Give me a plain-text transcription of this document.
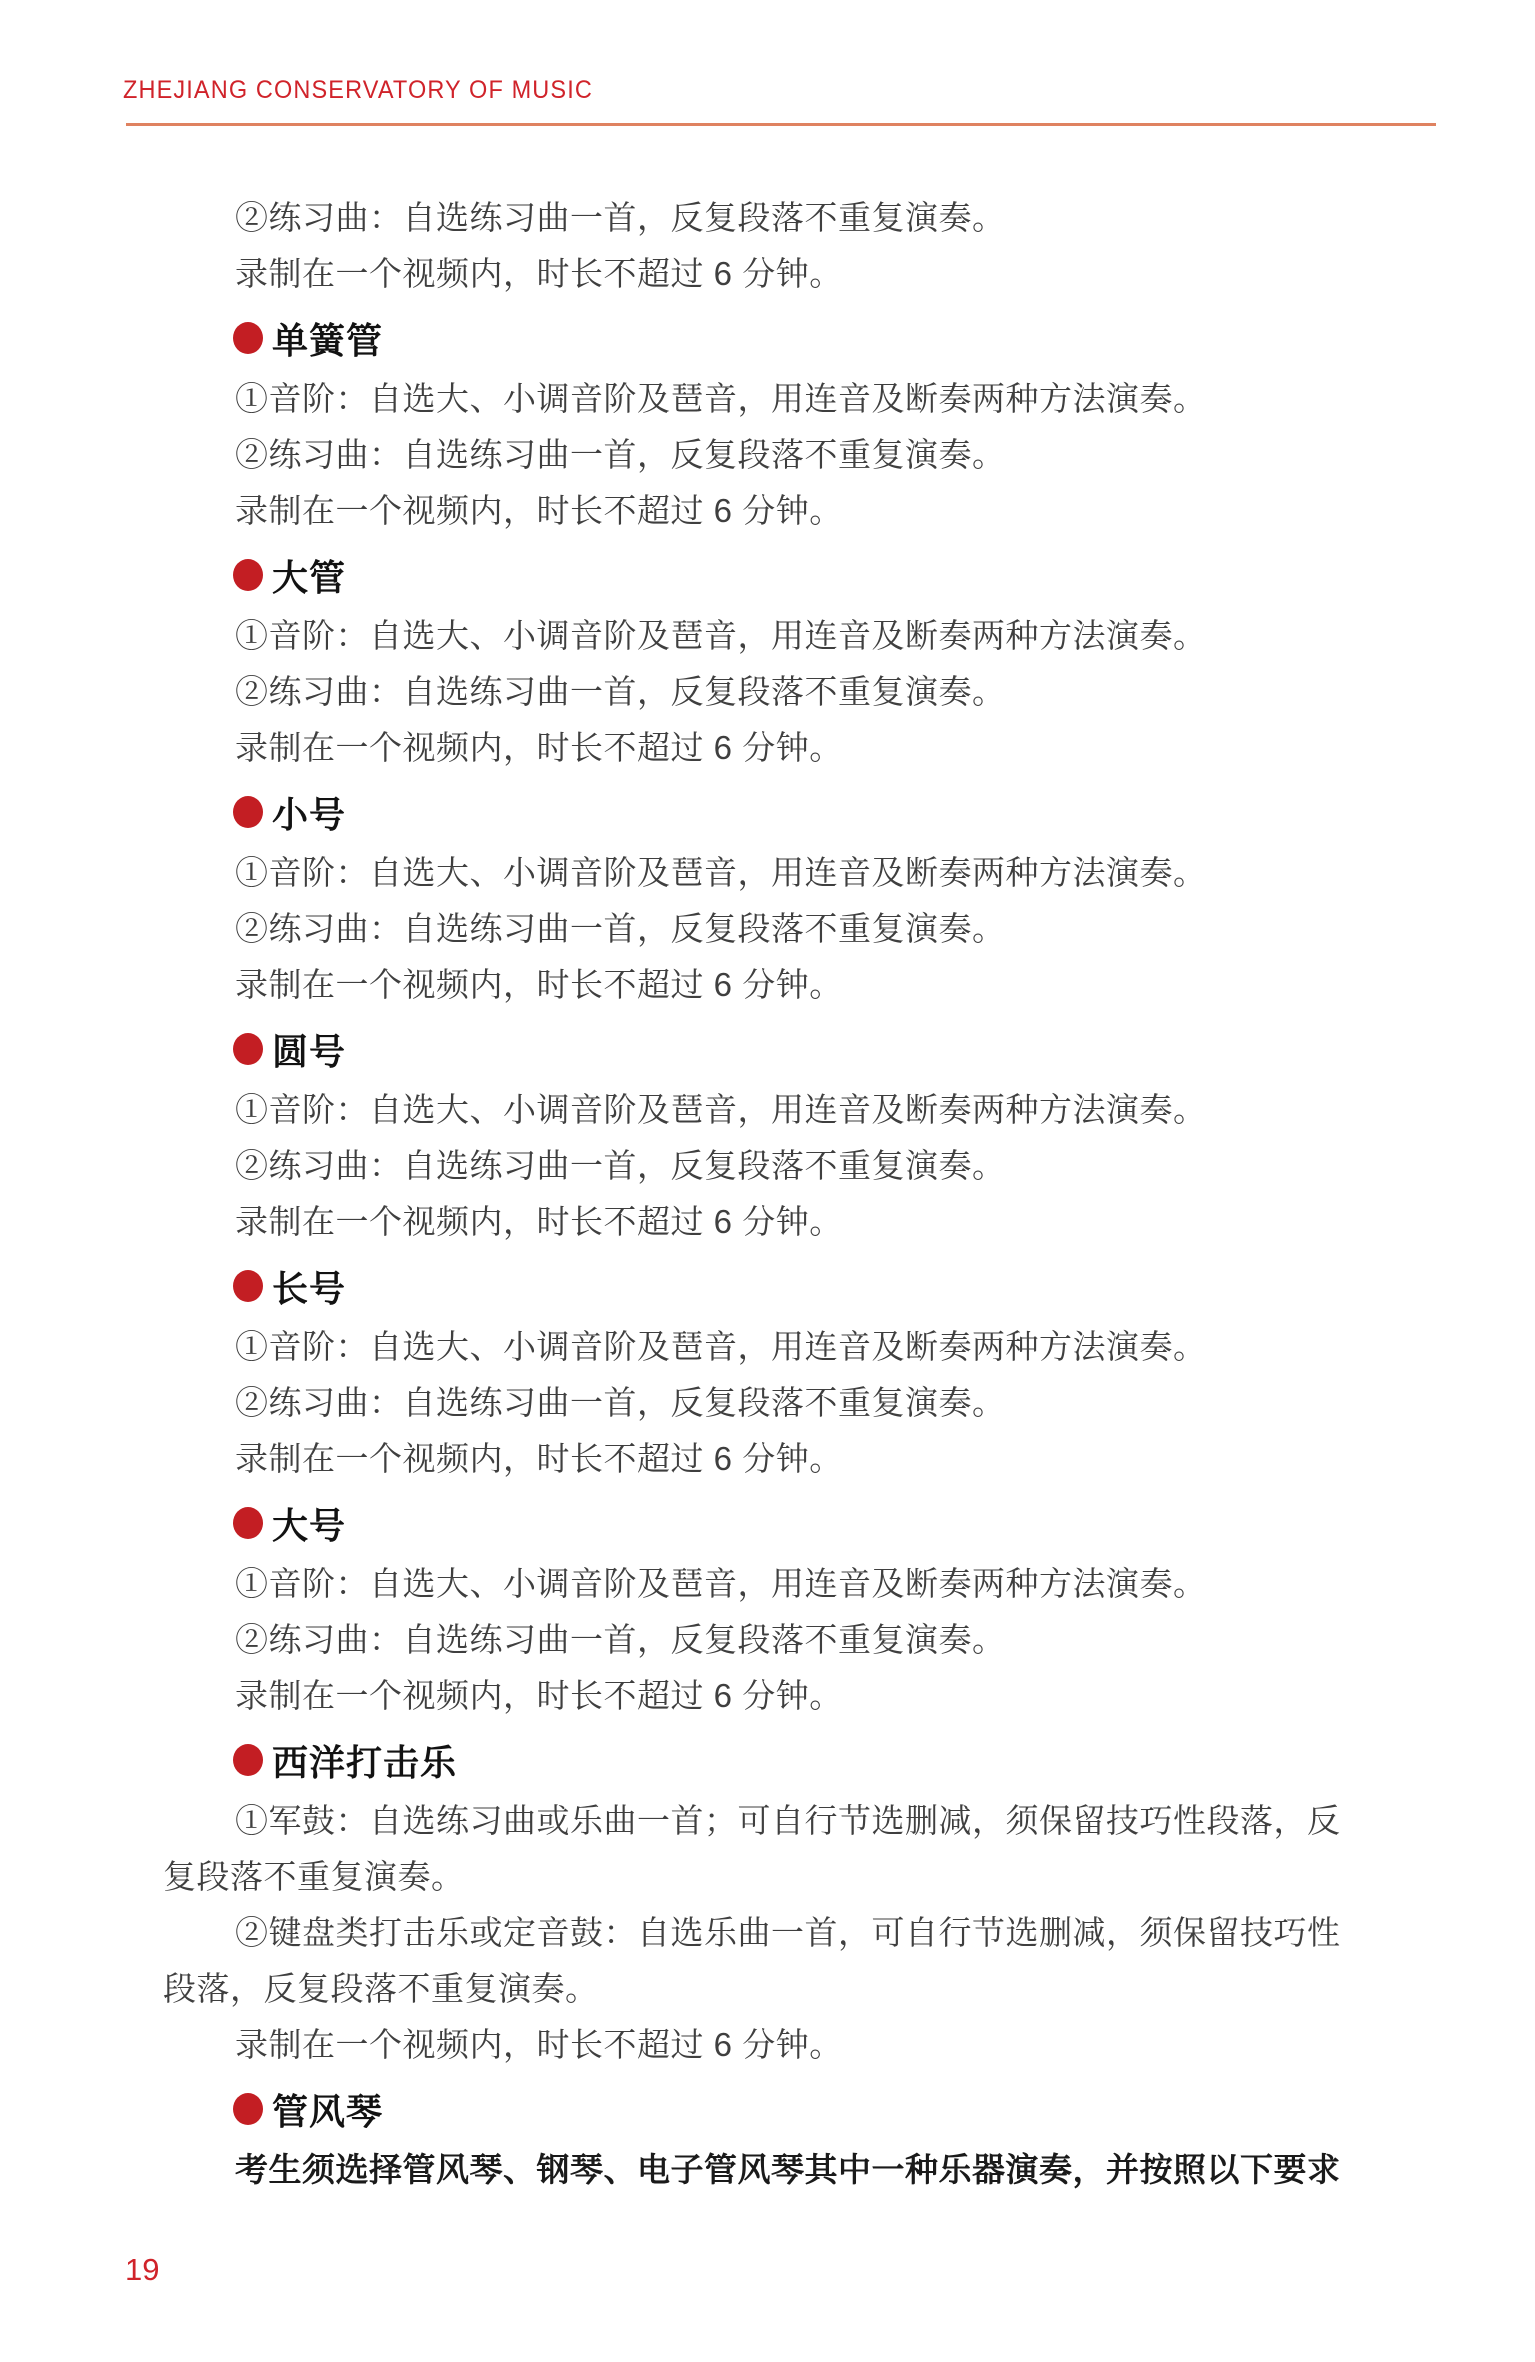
ZHEJIANG CONSERVATORY OF MUSIC

②练习曲：自选练习曲一首，反复段落不重复演奏。

录制在一个视频内，时长不超过 6 分钟。

单簧管

①音阶：自选大、小调音阶及琶音，用连音及断奏两种方法演奏。

②练习曲：自选练习曲一首，反复段落不重复演奏。

录制在一个视频内，时长不超过 6 分钟。

大管

①音阶：自选大、小调音阶及琶音，用连音及断奏两种方法演奏。

②练习曲：自选练习曲一首，反复段落不重复演奏。

录制在一个视频内，时长不超过 6 分钟。

小号

①音阶：自选大、小调音阶及琶音，用连音及断奏两种方法演奏。

②练习曲：自选练习曲一首，反复段落不重复演奏。

录制在一个视频内，时长不超过 6 分钟。

圆号

①音阶：自选大、小调音阶及琶音，用连音及断奏两种方法演奏。

②练习曲：自选练习曲一首，反复段落不重复演奏。

录制在一个视频内，时长不超过 6 分钟。

长号

①音阶：自选大、小调音阶及琶音，用连音及断奏两种方法演奏。

②练习曲：自选练习曲一首，反复段落不重复演奏。

录制在一个视频内，时长不超过 6 分钟。

大号

①音阶：自选大、小调音阶及琶音，用连音及断奏两种方法演奏。

②练习曲：自选练习曲一首，反复段落不重复演奏。

录制在一个视频内，时长不超过 6 分钟。

西洋打击乐

①军鼓：自选练习曲或乐曲一首；可自行节选删减，须保留技巧性段落，反

复段落不重复演奏。

②键盘类打击乐或定音鼓：自选乐曲一首，可自行节选删减，须保留技巧性

段落，反复段落不重复演奏。

录制在一个视频内，时长不超过 6 分钟。

管风琴

考生须选择管风琴、钢琴、电子管风琴其中一种乐器演奏，并按照以下要求

19
